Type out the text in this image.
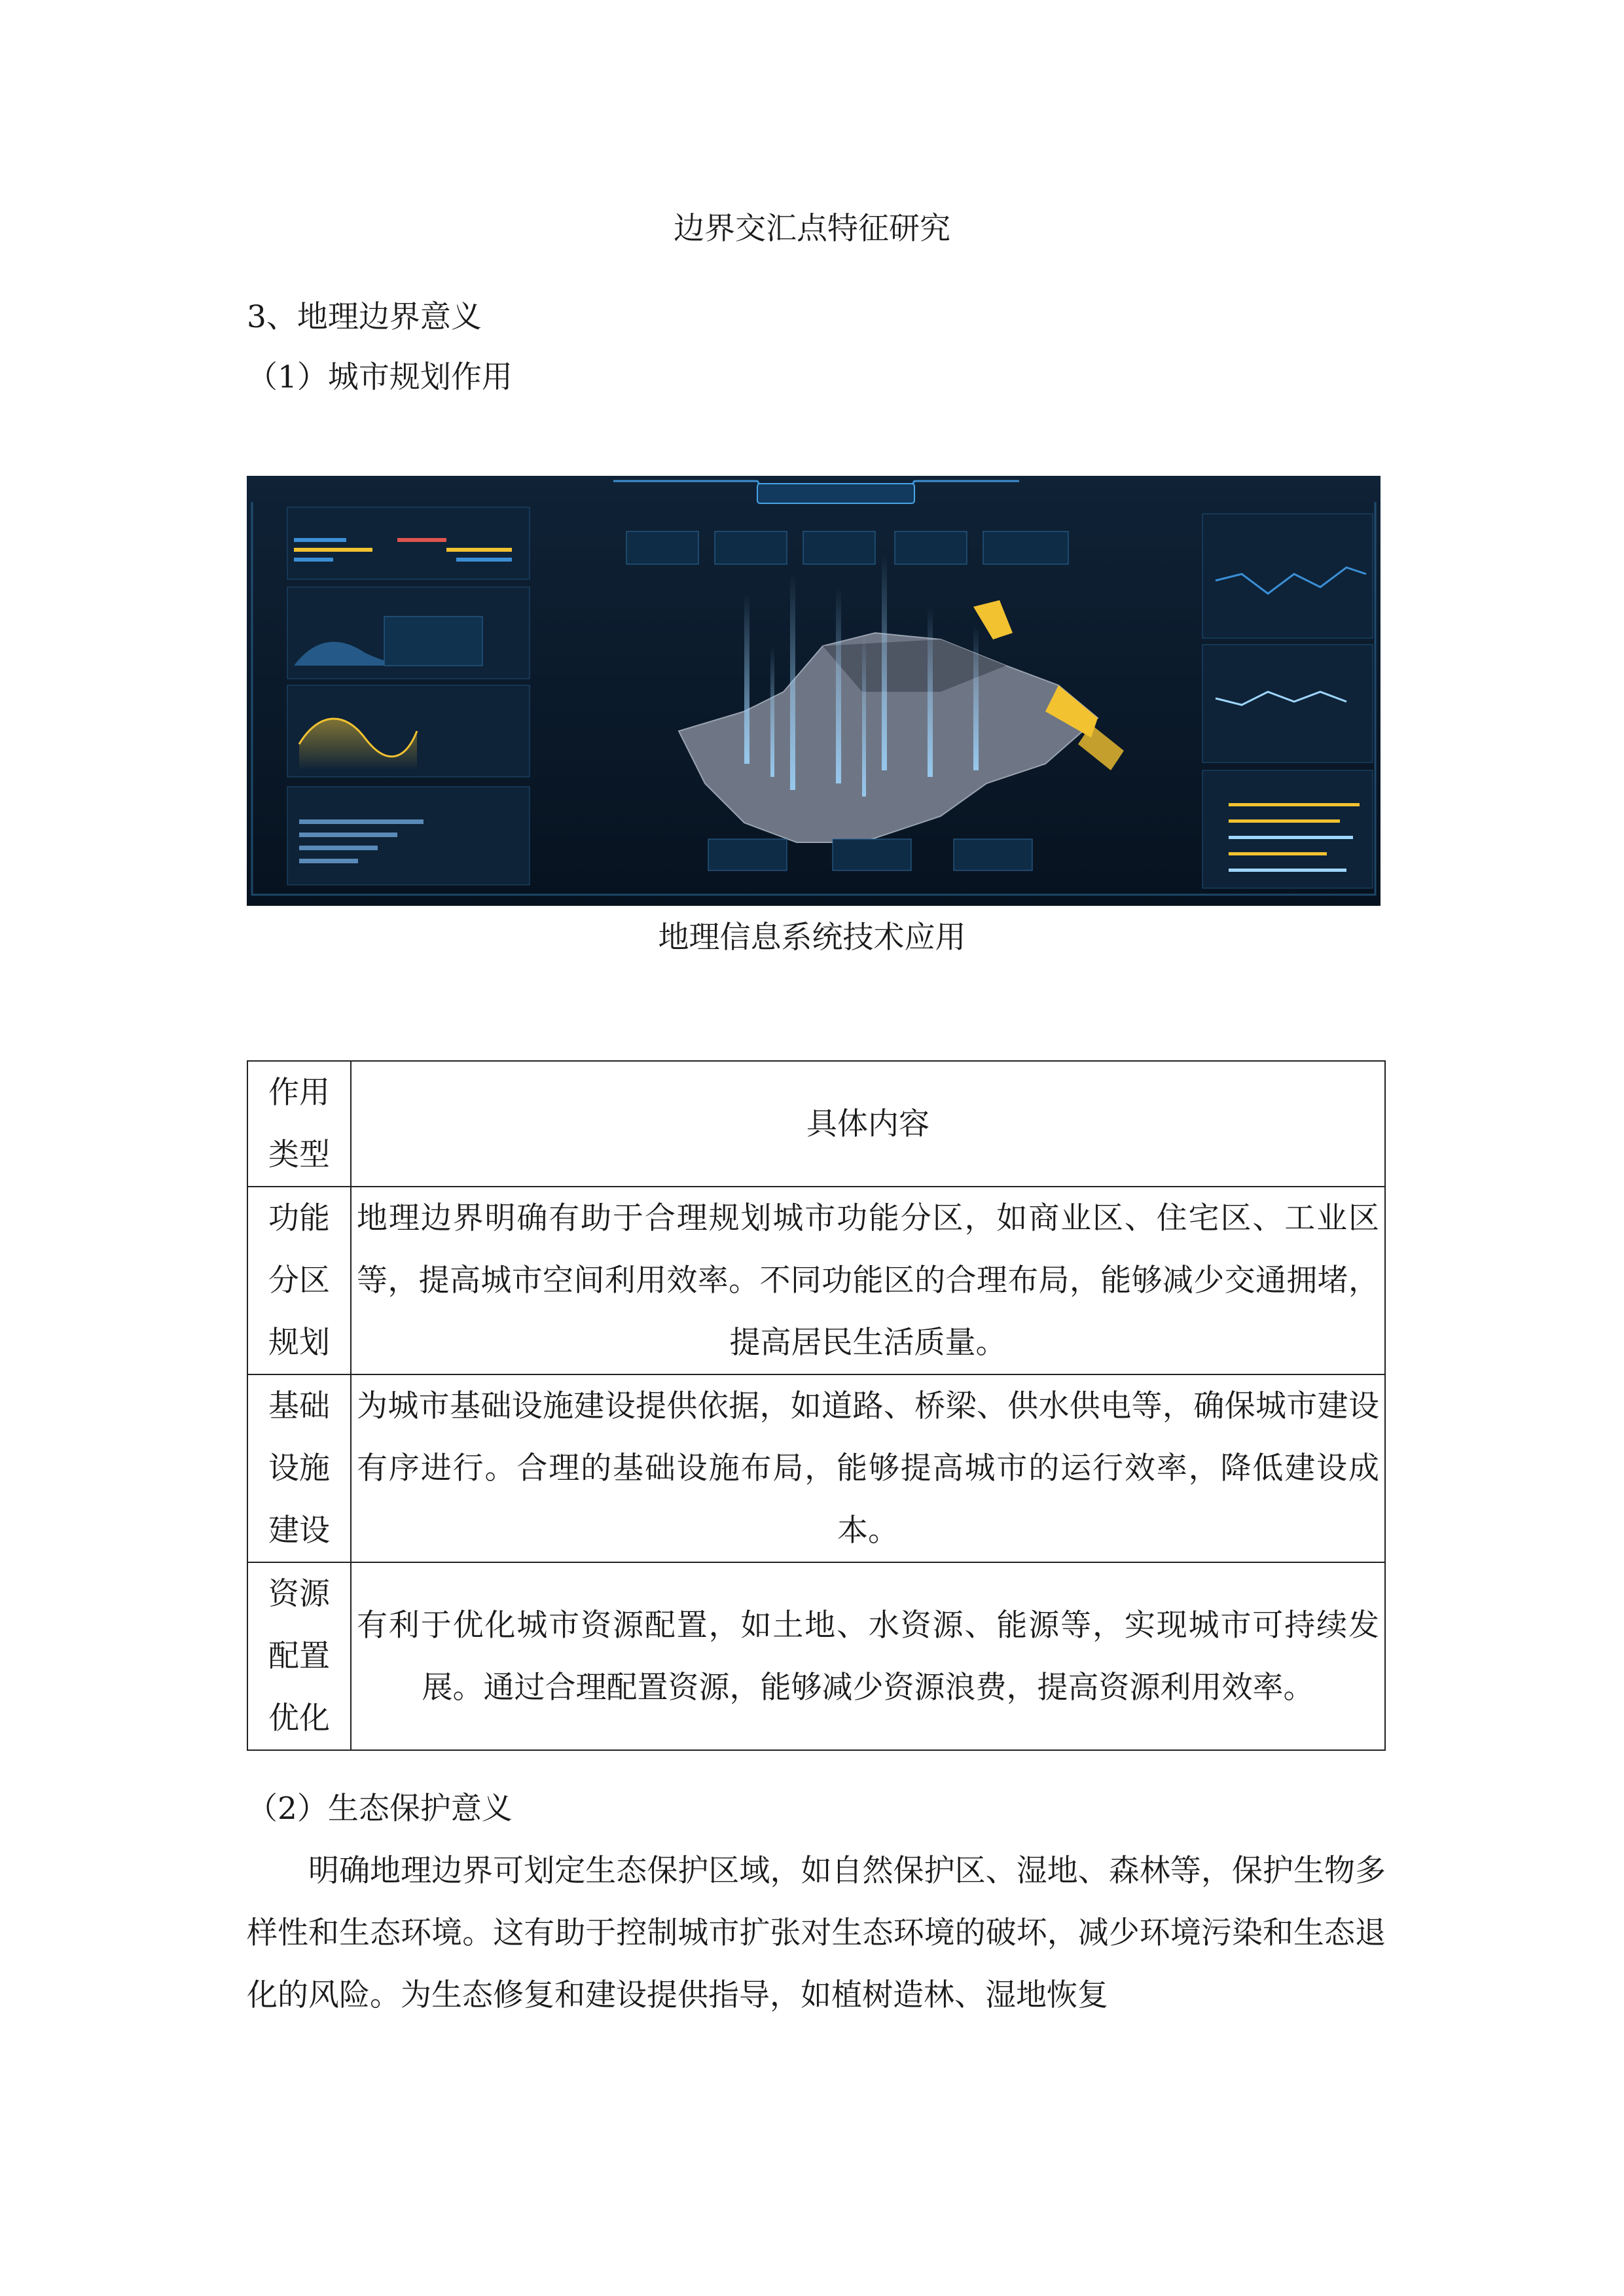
边界交汇点特征研究
3、地理边界意义
（1）城市规划作用
地理信息系统技术应用
作用类型	具体内容
功能分区规划	地理边界明确有助于合理规划城市功能分区，如商业区、住宅区、工业区等，提高城市空间利用效率。不同功能区的合理布局，能够减少交通拥堵，提高居民生活质量。
基础设施建设	为城市基础设施建设提供依据，如道路、桥梁、供水供电等，确保城市建设有序进行。合理的基础设施布局，能够提高城市的运行效率，降低建设成本。
资源配置优化	有利于优化城市资源配置，如土地、水资源、能源等，实现城市可持续发展。通过合理配置资源，能够减少资源浪费，提高资源利用效率。
（2）生态保护意义
明确地理边界可划定生态保护区域，如自然保护区、湿地、森林等，保护生物多样性和生态环境。这有助于控制城市扩张对生态环境的破坏，减少环境污染和生态退化的风险。为生态修复和建设提供指导，如植树造林、湿地恢复
